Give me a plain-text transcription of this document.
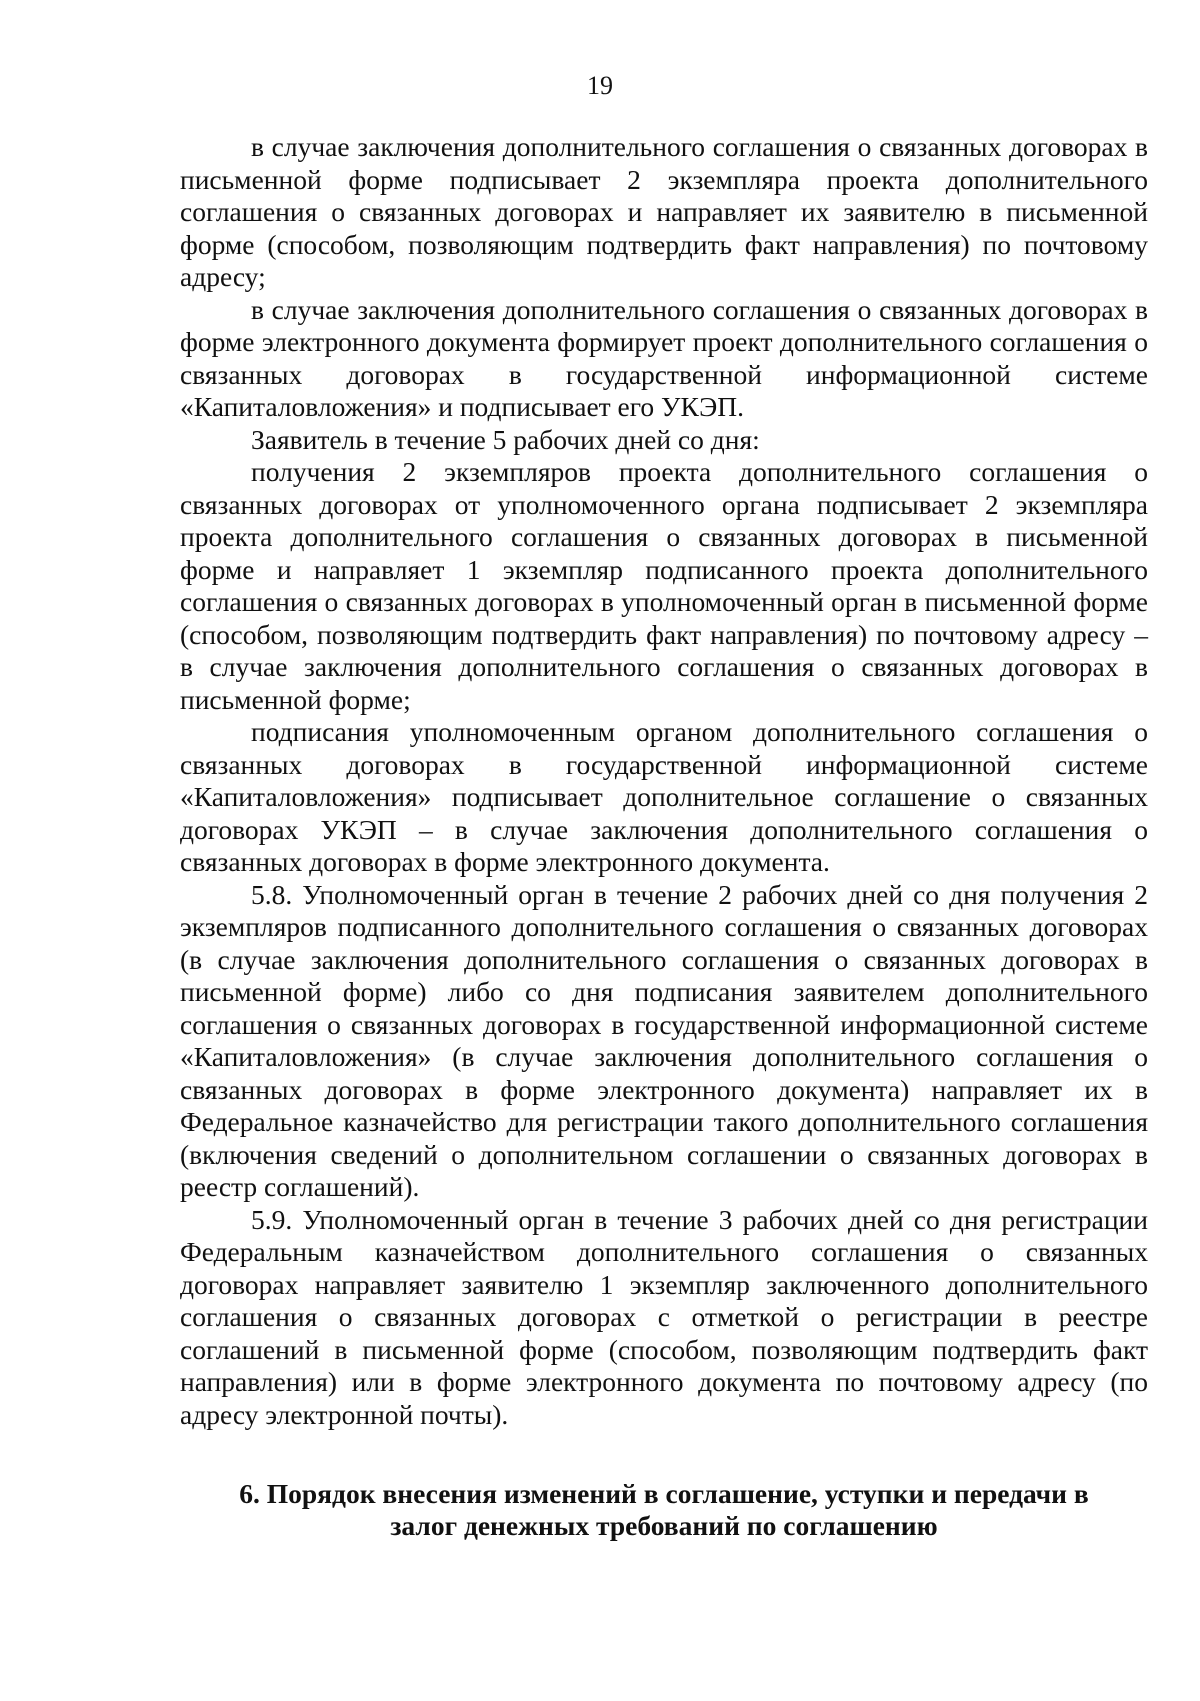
19

в случае заключения дополнительного соглашения о связанных договорах в письменной форме подписывает 2 экземпляра проекта дополнительного соглашения о связанных договорах и направляет их заявителю в письменной форме (способом, позволяющим подтвердить факт направления) по почтовому адресу;

в случае заключения дополнительного соглашения о связанных договорах в форме электронного документа формирует проект дополнительного соглашения о связанных договорах в государственной информационной системе «Капиталовложения» и подписывает его УКЭП.

Заявитель в течение 5 рабочих дней со дня:

получения 2 экземпляров проекта дополнительного соглашения о связанных договорах от уполномоченного органа подписывает 2 экземпляра проекта дополнительного соглашения о связанных договорах в письменной форме и направляет 1 экземпляр подписанного проекта дополнительного соглашения о связанных договорах в уполномоченный орган в письменной форме (способом, позволяющим подтвердить факт направления) по почтовому адресу – в случае заключения дополнительного соглашения о связанных договорах в письменной форме;

подписания уполномоченным органом дополнительного соглашения о связанных договорах в государственной информационной системе «Капиталовложения» подписывает дополнительное соглашение о связанных договорах УКЭП – в случае заключения дополнительного соглашения о связанных договорах в форме электронного документа.

5.8. Уполномоченный орган в течение 2 рабочих дней со дня получения 2 экземпляров подписанного дополнительного соглашения о связанных договорах (в случае заключения дополнительного соглашения о связанных договорах в письменной форме) либо со дня подписания заявителем дополнительного соглашения о связанных договорах в государственной информационной системе «Капиталовложения» (в случае заключения дополнительного соглашения о связанных договорах в форме электронного документа) направляет их в Федеральное казначейство для регистрации такого дополнительного соглашения (включения сведений о дополнительном соглашении о связанных договорах в реестр соглашений).

5.9. Уполномоченный орган в течение 3 рабочих дней со дня регистрации Федеральным казначейством дополнительного соглашения о связанных договорах направляет заявителю 1 экземпляр заключенного дополнительного соглашения о связанных договорах с отметкой о регистрации в реестре соглашений в письменной форме (способом, позволяющим подтвердить факт направления) или в форме электронного документа по почтовому адресу (по адресу электронной почты).

6. Порядок внесения изменений в соглашение, уступки и передачи в
залог денежных требований по соглашению
